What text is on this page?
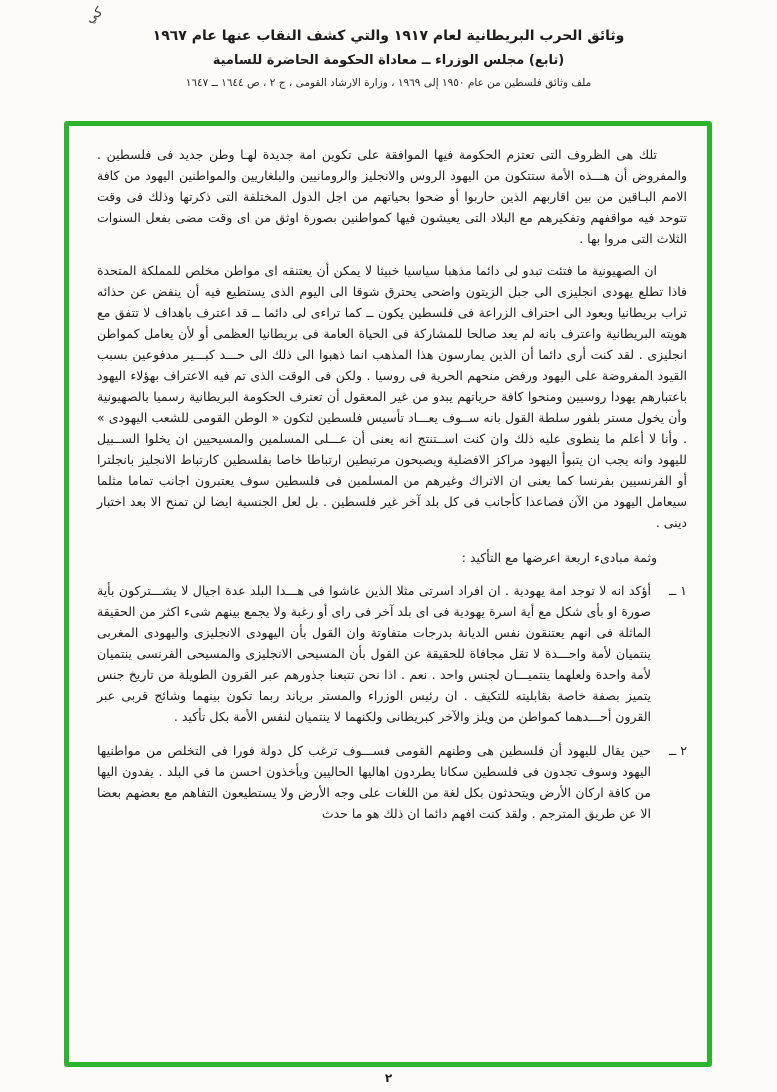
كي
وثائق الحرب البريطانية لعام ١٩١٧ والتي كشف النقاب عنها عام ١٩٦٧
(تابع) مجلس الوزراء ــ معاداة الحكومة الحاضرة للسامية
ملف وثائق فلسطين من عام ١٩٥٠ إلى ١٩٦٩ ، وزارة الارشاد القومى ، ج ٢ ، ص ١٦٤٤ ــ ١٦٤٧

تلك هى الظروف التى تعتزم الحكومة فيها الموافقة على تكوين امة جديدة لهـا وطن جديد فى فلسطين . والمفروض أن هـــذه الأمة ستتكون من اليهود الروس والانجليز والرومانيين والبلغاريين والمواطنين اليهود من كافة الامم البـاقين من بين اقاربهم الذين حاربوا أو ضحوا بحياتهم من اجل الدول المختلفة التى ذكرتها وذلك فى وقت تتوحد فيه مواقفهم وتفكيرهم مع البلاد التى يعيشون فيها كمواطنين بصورة اوثق من اى وقت مضى بفعل السنوات الثلاث التى مروا بها .

ان الصهيونية ما فتئت تبدو لى دائما مذهبا سياسيا خبيثا لا يمكن أن يعتنقه اى مواطن مخلص للمملكة المتحدة فاذا تطلع يهودى انجليزى الى جبل الزيتون واضحى يحترق شوقا الى اليوم الذى يستطيع فيه أن ينفض عن حذائه تراب بريطانيا ويعود الى احتراف الزراعة فى فلسطين يكون ــ كما تراءى لى دائما ــ قد اعترف باهداف لا تتفق مع هويته البريطانية واعترف بانه لم يعد صالحا للمشاركة فى الحياة العامة فى بريطانيا العظمى أو لأن يعامل كمواطن انجليزى . لقد كنت أرى دائما أن الذين يمارسون هذا المذهب انما ذهبوا الى ذلك الى حـــد كبـــير مدفوعين بسبب القيود المفروضة على اليهود ورفض منحهم الحرية فى روسيا . ولكن فى الوقت الذى تم فيه الاعتراف بهؤلاء اليهود باعتبارهم يهودا روسيين ومنحوا كافة حرياتهم يبدو من غير المعقول أن تعترف الحكومة البريطانية رسميا بالصهيونية وأن يخول مستر بلفور سلطة القول بانه ســوف يعـــاد تأسيس فلسطين لتكون « الوطن القومى للشعب اليهودى » . وأنا لا أعلم ما ينطوى عليه ذلك وان كنت اســتنتج انه يعنى أن عـــلى المسلمين والمسيحيين ان يخلوا الســبيل لليهود وانه يجب ان يتبوأ اليهود مراكز الافضلية ويصبحون مرتبطين ارتباطا خاصا بفلسطين كارتباط الانجليز بانجلترا أو الفرنسيين بفرنسا كما يعنى ان الاتراك وغيرهم من المسلمين فى فلسطين سوف يعتبرون اجانب تماما مثلما سيعامل اليهود من الآن فصاعدا كأجانب فى كل بلد آخر غير فلسطين . بل لعل الجنسية ايضا لن تمنح الا بعد اختبار دينى .

وثمة مبادىء اربعة اعرضها مع التأكيد :

١ ــ
أؤكد انه لا توجد امة يهودية . ان افراد اسرتى مثلا الذين عاشوا فى هـــدا البلد عدة اجيال لا يشـــتركون بأية صورة او بأى شكل مع أية اسرة يهودية فى اى بلد آخر فى راى أو رغبة ولا يجمع بينهم شىء اكثر من الحقيقة الماثلة فى انهم يعتنقون نفس الديانة بدرجات متفاوتة وان القول بأن اليهودى الانجليزى واليهودى المغربى ينتميان لأمة واحـــدة لا تقل مجافاة للحقيقة عن القول بأن المسيحى الانجليزى والمسيحى الفرنسى ينتميان لأمة واحدة ولعلهما ينتميـــان لجنس واحد . نعم . اذا نحن تتبعنا جذورهم عبر القرون الطويلة من تاريخ جنس يتميز بصفة خاصة بقابليته للتكيف . ان رئيس الوزراء والمستر برياند ربما تكون بينهما وشائج قربى عبر القرون أحـــدهما كمواطن من ويلز والآخر كبريطانى ولكنهما لا ينتميان لنفس الأمة بكل تأكيد .
٢ ــ
حين يقال لليهود أن فلسطين هى وطنهم القومى فســـوف ترغب كل دولة فورا فى التخلص من مواطنيها اليهود وسوف تجدون فى فلسطين سكانا يطردون اهاليها الحاليين ويأخذون احسن ما فى البلد . يفدون اليها من كافة اركان الأرض ويتحدثون بكل لغة من اللغات على وجه الأرض ولا يستطيعون التفاهم مع بعضهم بعضا الا عن طريق المترجم . ولقد كنت افهم دائما ان ذلك هو ما حدث
٢
